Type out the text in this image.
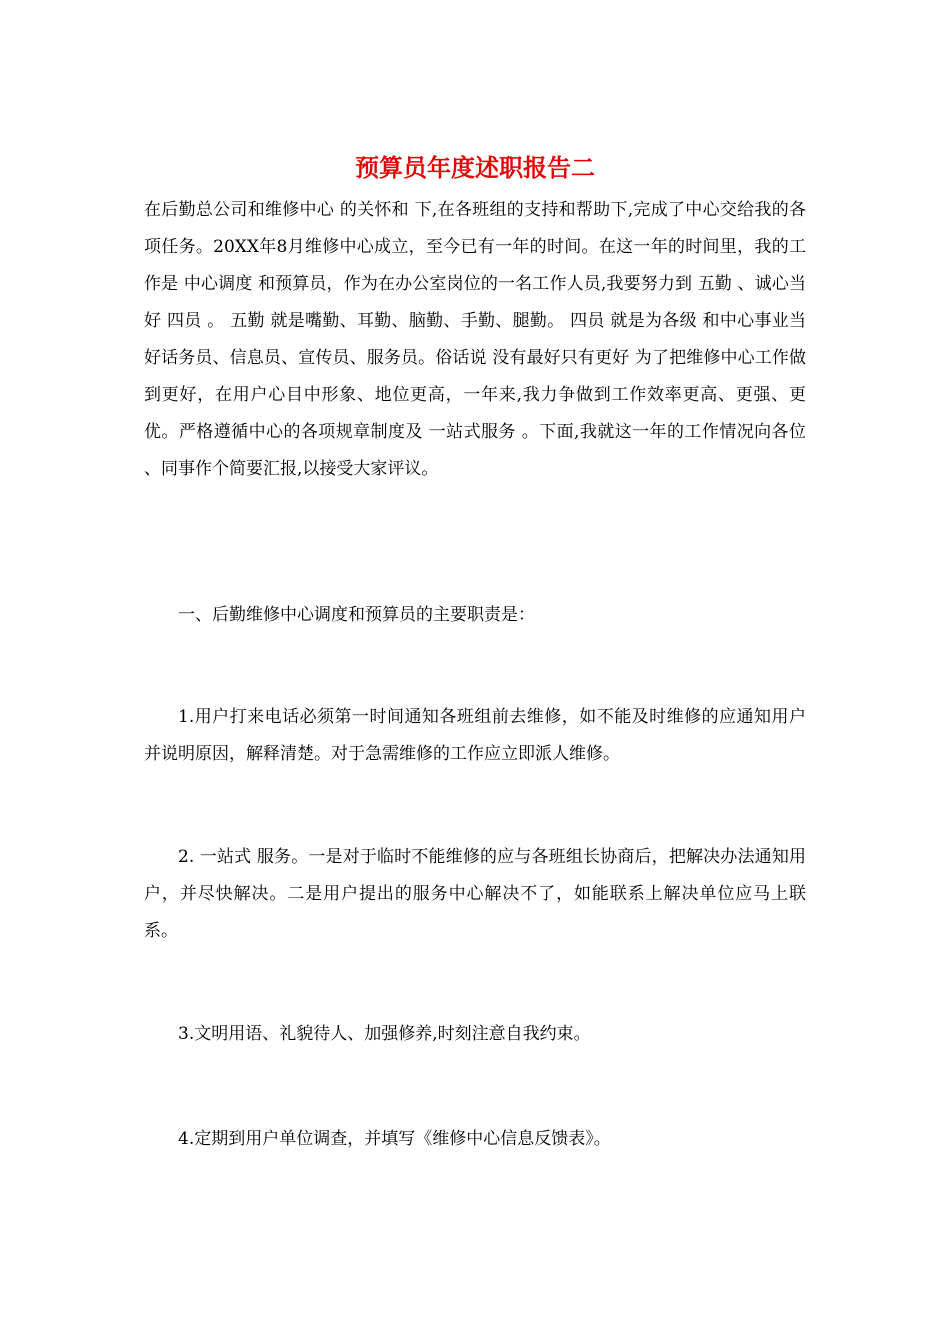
预算员年度述职报告二

在后勤总公司和维修中心 的关怀和 下,在各班组的支持和帮助下,完成了中心交给我的各项任务。20XX年8月维修中心成立，至今已有一年的时间。在这一年的时间里，我的工作是 中心调度 和预算员，作为在办公室岗位的一名工作人员,我要努力到 五勤 、诚心当好 四员 。 五勤 就是嘴勤、耳勤、脑勤、手勤、腿勤。 四员 就是为各级 和中心事业当好话务员、信息员、宣传员、服务员。俗话说 没有最好只有更好 为了把维修中心工作做到更好，在用户心目中形象、地位更高，一年来,我力争做到工作效率更高、更强、更优。严格遵循中心的各项规章制度及 一站式服务 。下面,我就这一年的工作情况向各位 、同事作个简要汇报,以接受大家评议。

一、后勤维修中心调度和预算员的主要职责是：

1.用户打来电话必须第一时间通知各班组前去维修，如不能及时维修的应通知用户并说明原因，解释清楚。对于急需维修的工作应立即派人维修。

2. 一站式 服务。一是对于临时不能维修的应与各班组长协商后，把解决办法通知用户，并尽快解决。二是用户提出的服务中心解决不了，如能联系上解决单位应马上联系。

3.文明用语、礼貌待人、加强修养,时刻注意自我约束。

4.定期到用户单位调查，并填写《维修中心信息反馈表》。
